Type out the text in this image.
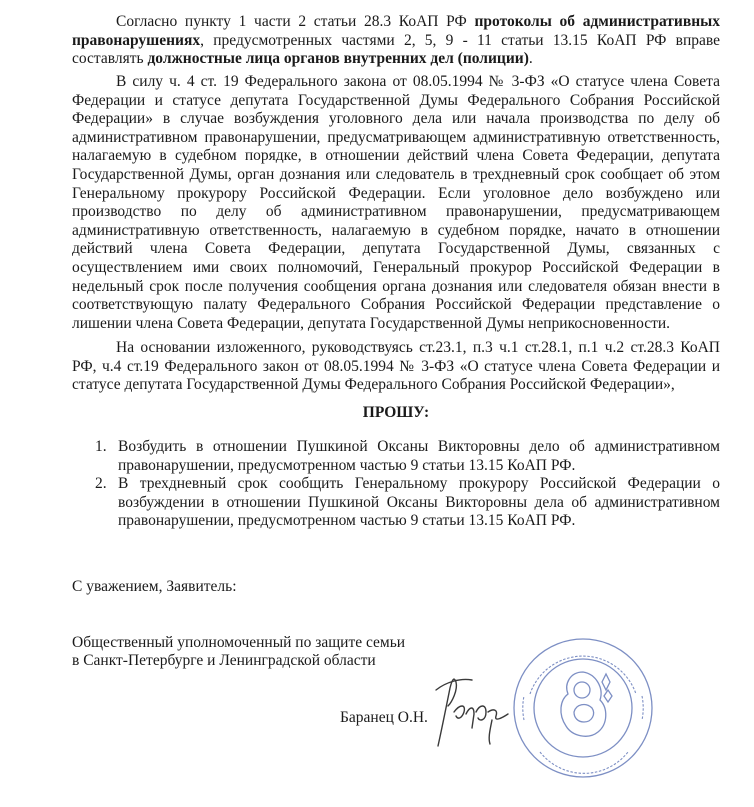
Согласно пункту 1 части 2 статьи 28.3 КоАП РФ протоколы об административных правонарушениях, предусмотренных частями 2, 5, 9 - 11 статьи 13.15 КоАП РФ вправе составлять должностные лица органов внутренних дел (полиции).

В силу ч. 4 ст. 19 Федерального закона от 08.05.1994 № 3-ФЗ «О статусе члена Совета Федерации и статусе депутата Государственной Думы Федерального Собрания Российской Федерации» в случае возбуждения уголовного дела или начала производства по делу об административном правонарушении, предусматривающем административную ответственность, налагаемую в судебном порядке, в отношении действий члена Совета Федерации, депутата Государственной Думы, орган дознания или следователь в трехдневный срок сообщает об этом Генеральному прокурору Российской Федерации. Если уголовное дело возбуждено или производство по делу об административном правонарушении, предусматривающем административную ответственность, налагаемую в судебном порядке, начато в отношении действий члена Совета Федерации, депутата Государственной Думы, связанных с осуществлением ими своих полномочий, Генеральный прокурор Российской Федерации в недельный срок после получения сообщения органа дознания или следователя обязан внести в соответствующую палату Федерального Собрания Российской Федерации представление о лишении члена Совета Федерации, депутата Государственной Думы неприкосновенности.

На основании изложенного, руководствуясь ст.23.1, п.3 ч.1 ст.28.1, п.1 ч.2 ст.28.3 КоАП РФ, ч.4 ст.19 Федерального закон от 08.05.1994 № 3-ФЗ «О статусе члена Совета Федерации и статусе депутата Государственной Думы Федерального Собрания Российской Федерации»,

ПРОШУ:

1. Возбудить в отношении Пушкиной Оксаны Викторовны дело об административном правонарушении, предусмотренном частью 9 статьи 13.15 КоАП РФ.
2. В трехдневный срок сообщить Генеральному прокурору Российской Федерации о возбуждении в отношении Пушкиной Оксаны Викторовны дела об административном правонарушении, предусмотренном частью 9 статьи 13.15 КоАП РФ.

С уважением, Заявитель:

Общественный уполномоченный по защите семьи

в Санкт-Петербурге и Ленинградской области

Баранец О.Н.
